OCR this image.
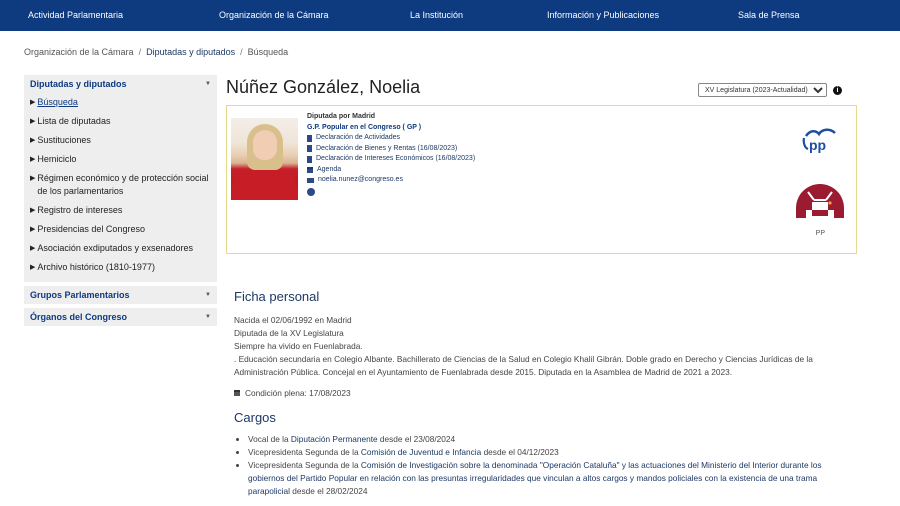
Actividad Parlamentaria	Organización de la Cámara	La Institución	Información y Publicaciones	Sala de Prensa
Organización de la Cámara / Diputadas y diputados / Búsqueda
Diputadas y diputados	▼
▶ Búsqueda
▶ Lista de diputadas
▶ Sustituciones
▶ Hemiciclo
▶ Régimen económico y de protección social de los parlamentarios
▶ Registro de intereses
▶ Presidencias del Congreso
▶ Asociación exdiputados y exsenadores
▶ Archivo histórico (1810-1977)
Grupos Parlamentarios	▼
Órganos del Congreso	▼
Núñez González, Noelia
XV Legislatura (2023-Actualidad)	i
Diputada por Madrid
G.P. Popular en el Congreso ( GP )
Declaración de Actividades
Declaración de Bienes y Rentas (16/08/2023)
Declaración de Intereses Económicos (16/08/2023)
Agenda
noelia.nunez@congreso.es
pp
PP
Ficha personal
Nacida el 02/06/1992 en Madrid
Diputada de la XV Legislatura
Siempre ha vivido en Fuenlabrada.
. Educación secundaria en Colegio Albante. Bachillerato de Ciencias de la Salud en Colegio Khalil Gibrán. Doble grado en Derecho y Ciencias Jurídicas de la Administración Pública. Concejal en el Ayuntamiento de Fuenlabrada desde 2015. Diputada en la Asamblea de Madrid de 2021 a 2023.
Condición plena: 17/08/2023
Cargos
• Vocal de la Diputación Permanente desde el 23/08/2024
• Vicepresidenta Segunda de la Comisión de Juventud e Infancia desde el 04/12/2023
• Vicepresidenta Segunda de la Comisión de Investigación sobre la denominada "Operación Cataluña" y las actuaciones del Ministerio del Interior durante los gobiernos del Partido Popular en relación con las presuntas irregularidades que vinculan a altos cargos y mandos policiales con la existencia de una trama parapolicial desde el 28/02/2024
